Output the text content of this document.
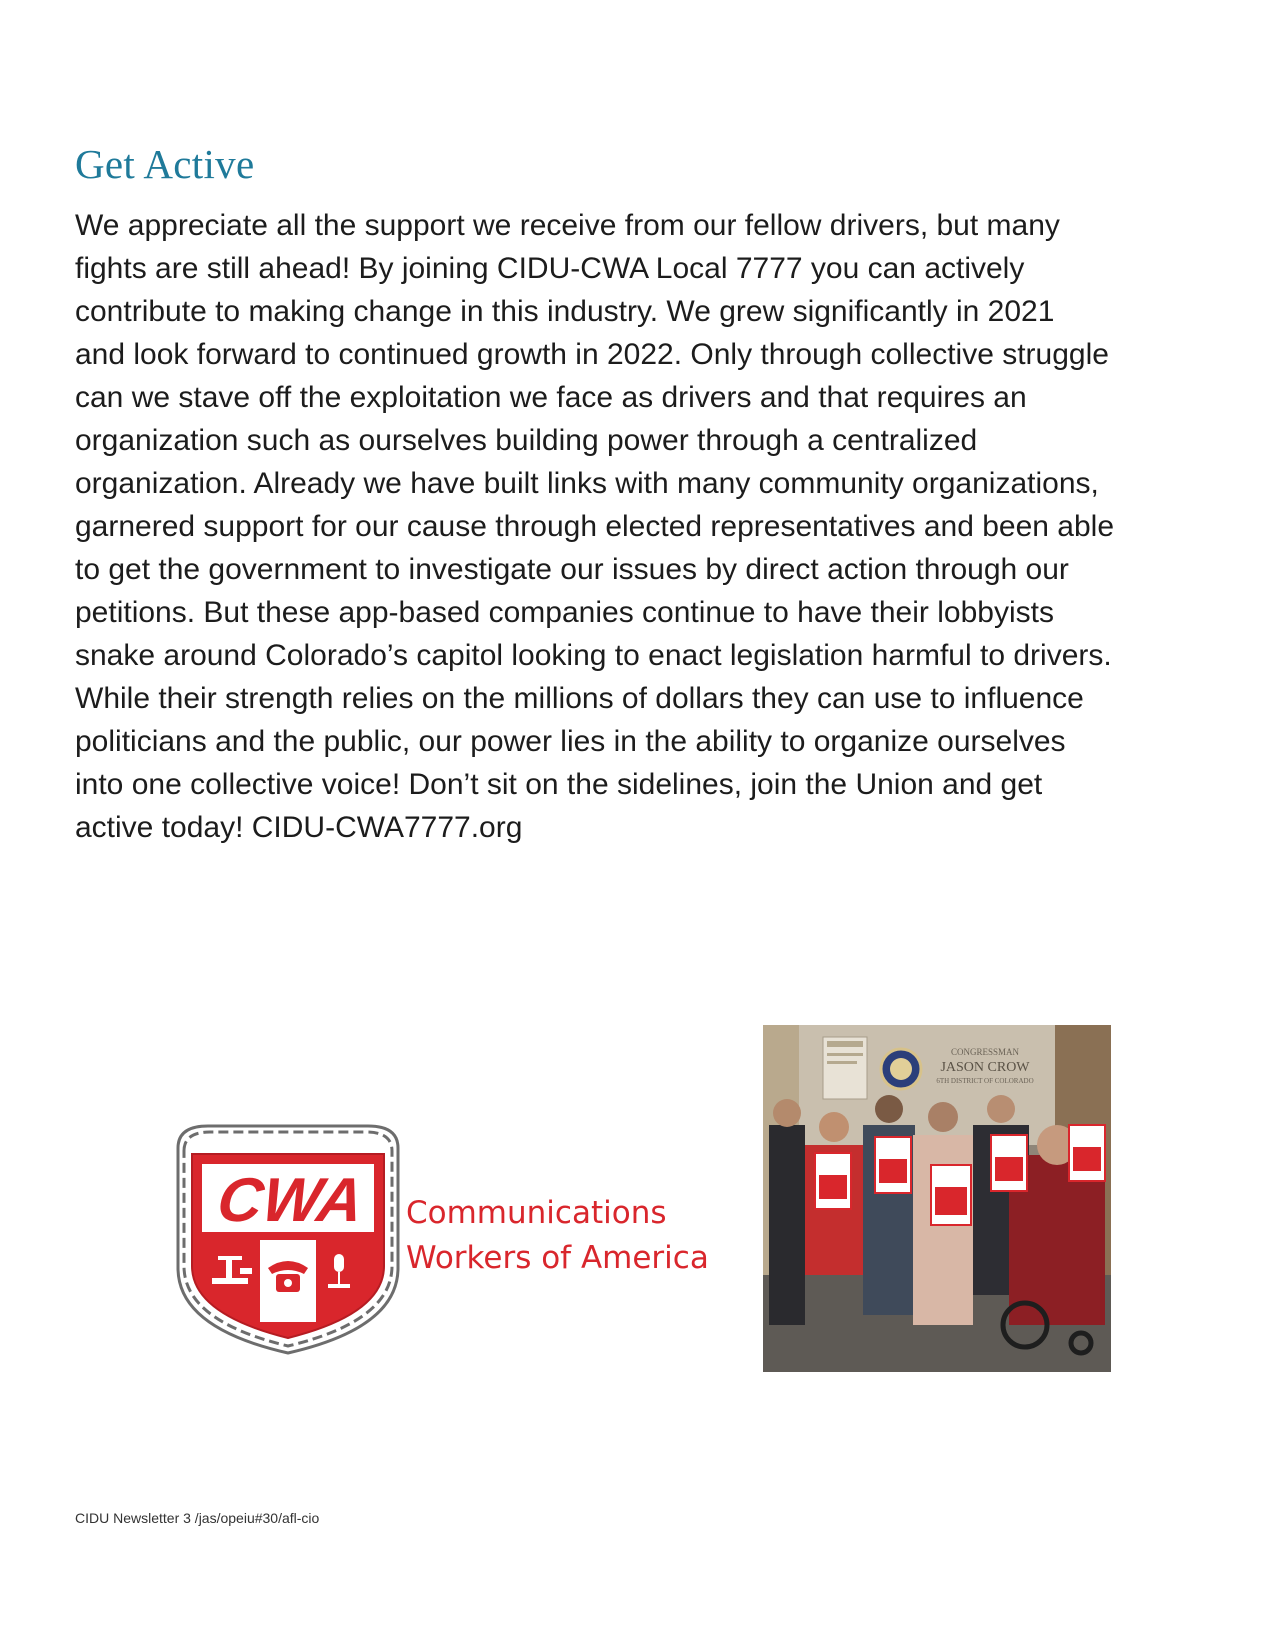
Get Active

We appreciate all the support we receive from our fellow drivers, but many
fights are still ahead! By joining CIDU-CWA Local 7777 you can actively
contribute to making change in this industry. We grew significantly in 2021
and look forward to continued growth in 2022. Only through collective struggle
can we stave off the exploitation we face as drivers and that requires an
organization such as ourselves building power through a centralized
organization. Already we have built links with many community organizations,
garnered support for our cause through elected representatives and been able
to get the government to investigate our issues by direct action through our
petitions. But these app-based companies continue to have their lobbyists
snake around Colorado’s capitol looking to enact legislation harmful to drivers.
While their strength relies on the millions of dollars they can use to influence
politicians and the public, our power lies in the ability to organize ourselves
into one collective voice! Don’t sit on the sidelines, join the Union and get
active today! CIDU-CWA7777.org

CWA Communications
Workers of America
CONGRESSMAN
JASON CROW
6TH DISTRICT OF COLORADO

CIDU Newsletter 3 /jas/opeiu#30/afl-cio
